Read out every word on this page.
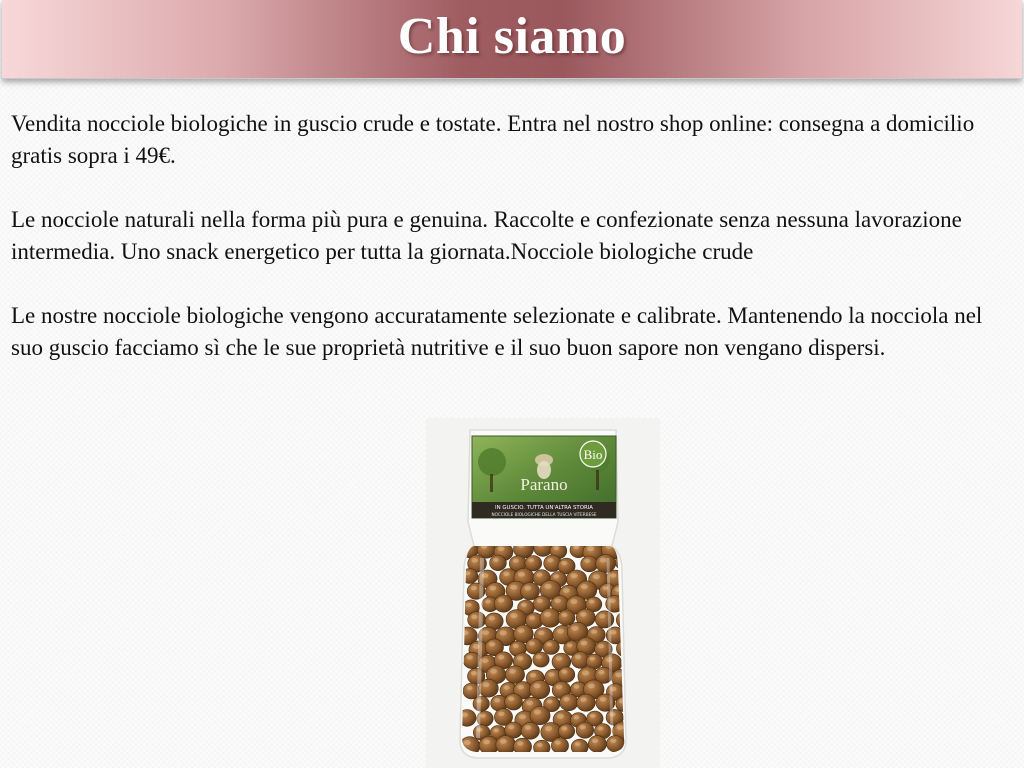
Chi siamo

Vendita nocciole biologiche in guscio crude e tostate. Entra nel nostro shop online: consegna a domicilio gratis sopra i 49€.

Le nocciole naturali nella forma più pura e genuina. Raccolte e confezionate senza nessuna lavorazione intermedia. Uno snack energetico per tutta la giornata.Nocciole biologiche crude

Le nostre nocciole biologiche vengono accuratamente selezionate e calibrate. Mantenendo la nocciola nel suo guscio facciamo sì che le sue proprietà nutritive e il suo buon sapore non vengano dispersi.

Bio
Parano
IN GUSCIO. TUTTA UN'ALTRA STORIA
NOCCIOLE BIOLOGICHE DELLA TUSCIA VITERBESE
